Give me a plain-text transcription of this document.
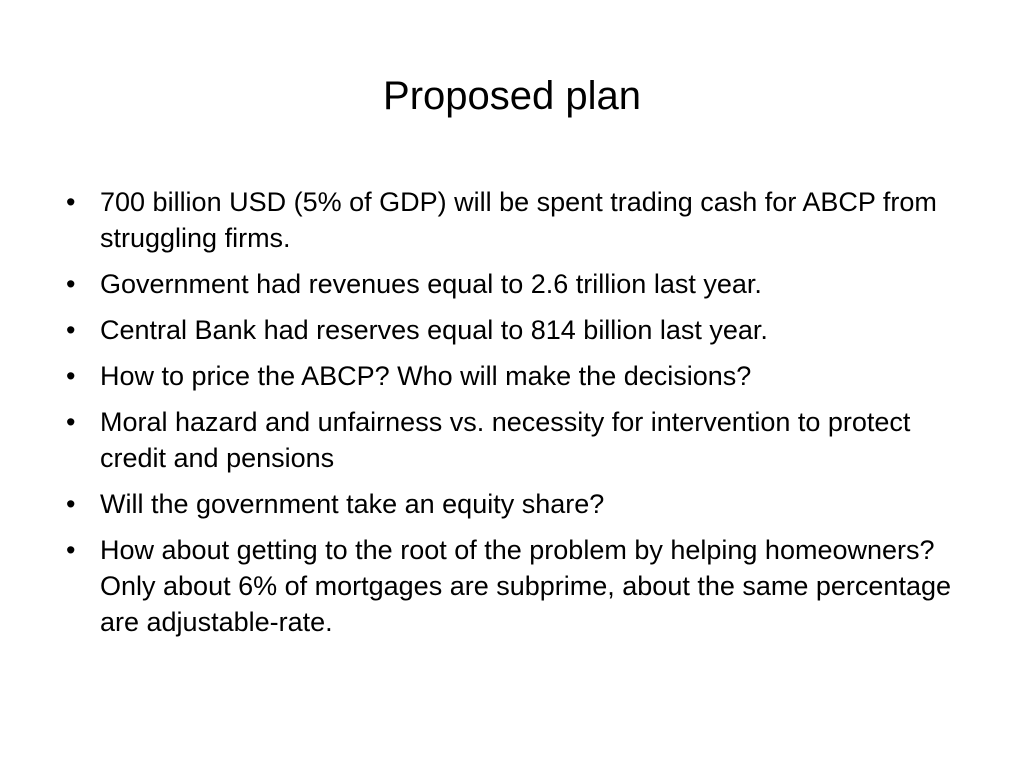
Proposed plan
• 700 billion USD (5% of GDP) will be spent trading cash for ABCP from struggling firms.
• Government had revenues equal to 2.6 trillion last year.
• Central Bank had reserves equal to 814 billion last year.
• How to price the ABCP? Who will make the decisions?
• Moral hazard and unfairness vs. necessity for intervention to protect credit and pensions
• Will the government take an equity share?
• How about getting to the root of the problem by helping homeowners? Only about 6% of mortgages are subprime, about the same percentage are adjustable-rate.
